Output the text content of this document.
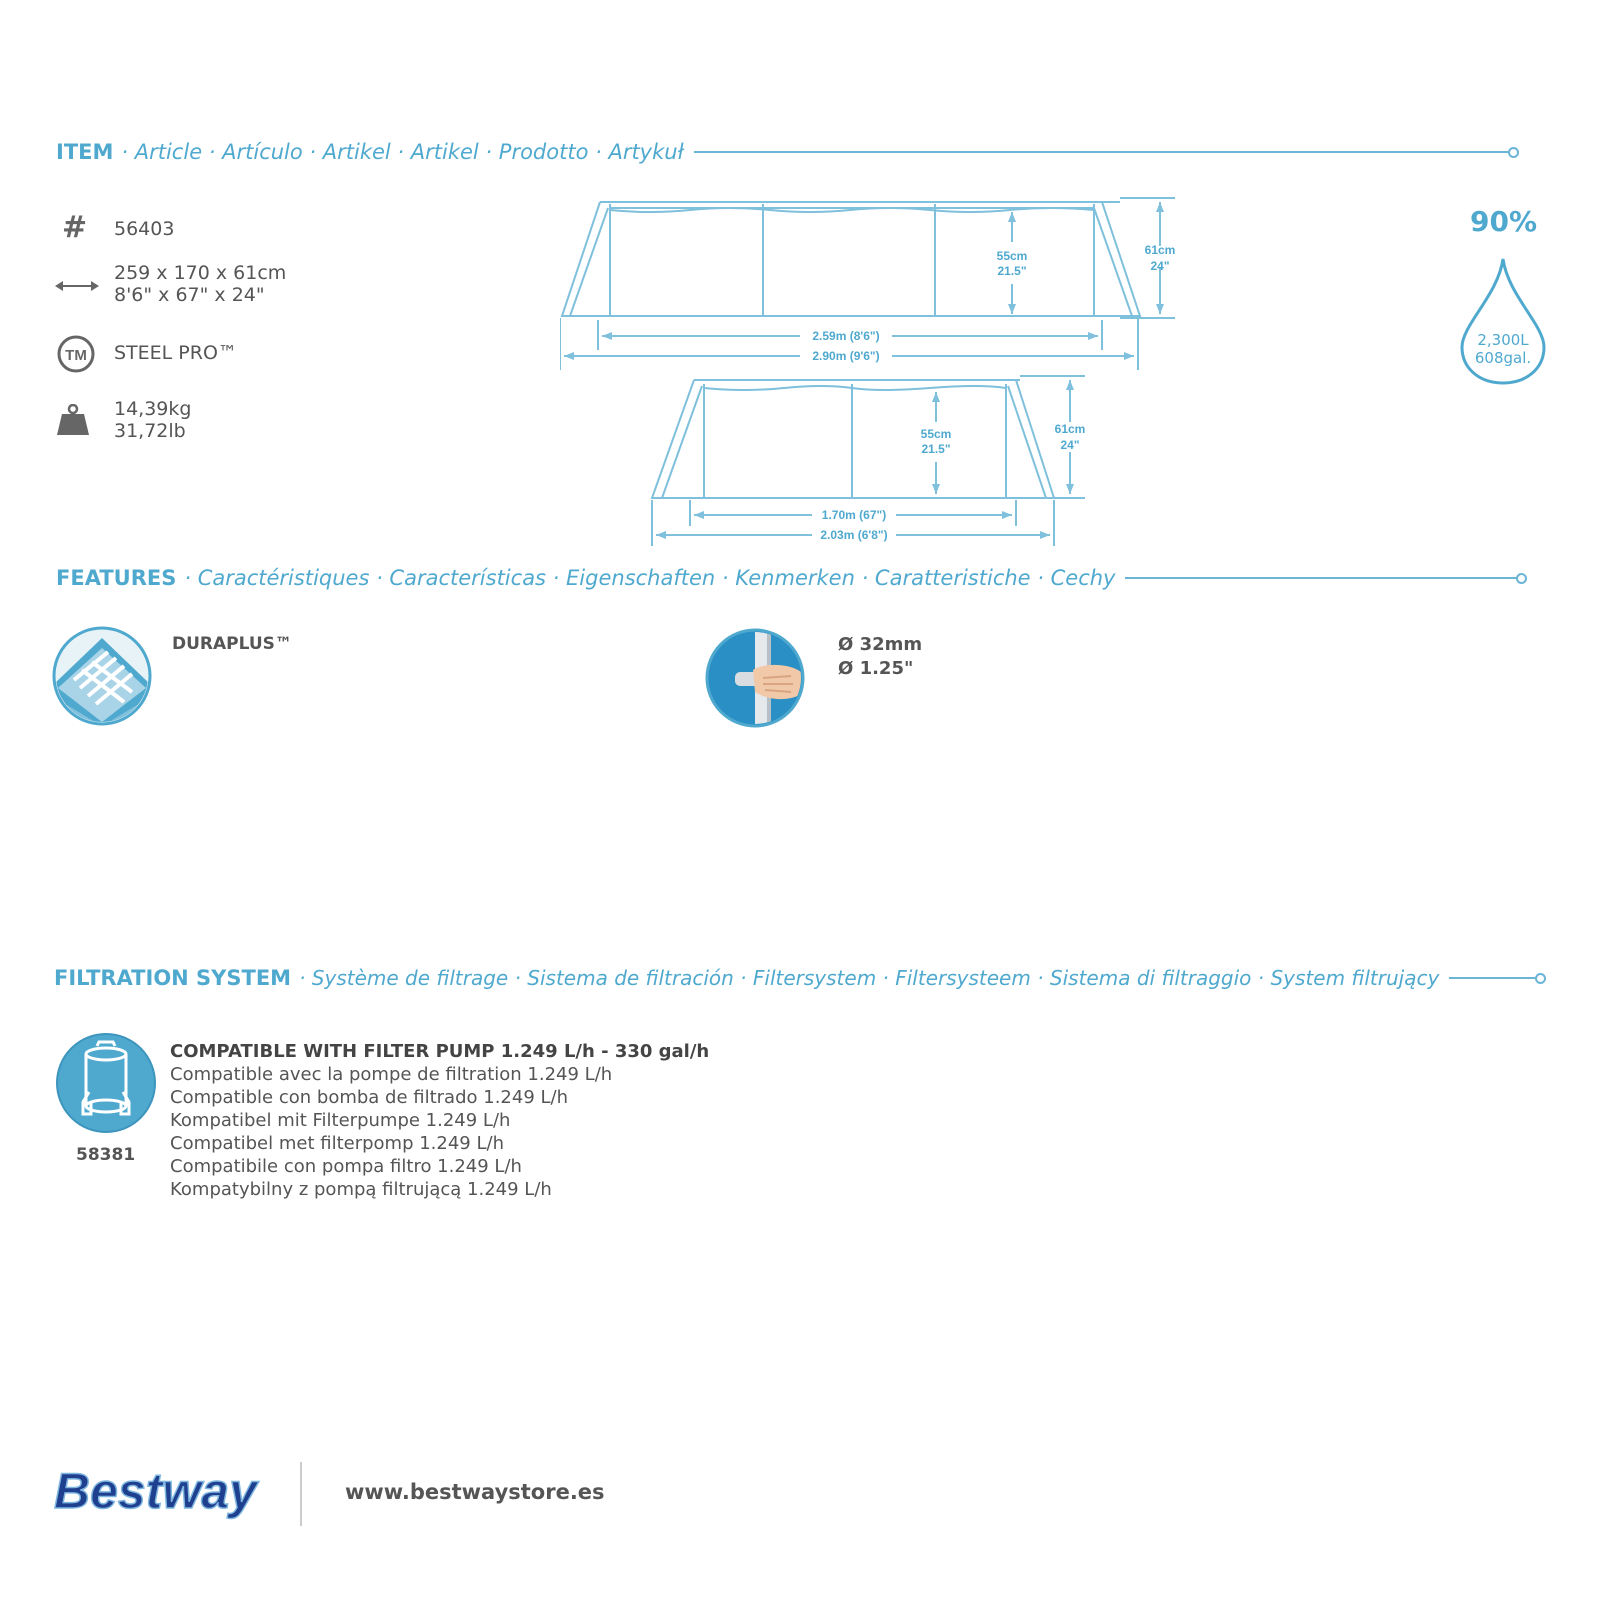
ITEM · Article · Artículo · Artikel · Artikel · Prodotto · Artykuł
# 56403
259 x 170 x 61cm
8'6" x 67" x 24"
TM STEEL PRO™
14,39kg
31,72lb
55cm
21.5"
61cm
24"
2.59m (8'6")
2.90m (9'6")
55cm
21.5"
61cm
24"
1.70m (67")
2.03m (6'8")
90%
2,300L
608gal.
FEATURES · Caractéristiques · Características · Eigenschaften · Kenmerken · Caratteristiche · Cechy
DURAPLUS™	Ø 32mm
Ø 1.25"
FILTRATION SYSTEM · Système de filtrage · Sistema de filtración · Filtersystem · Filtersysteem · Sistema di filtraggio · System filtrujący
58381
COMPATIBLE WITH FILTER PUMP 1.249 L/h - 330 gal/h
Compatible avec la pompe de filtration 1.249 L/h
Compatible con bomba de filtrado 1.249 L/h
Kompatibel mit Filterpumpe 1.249 L/h
Compatibel met filterpomp 1.249 L/h
Compatibile con pompa filtro 1.249 L/h
Kompatybilny z pompą filtrującą 1.249 L/h
Bestway	www.bestwaystore.es
